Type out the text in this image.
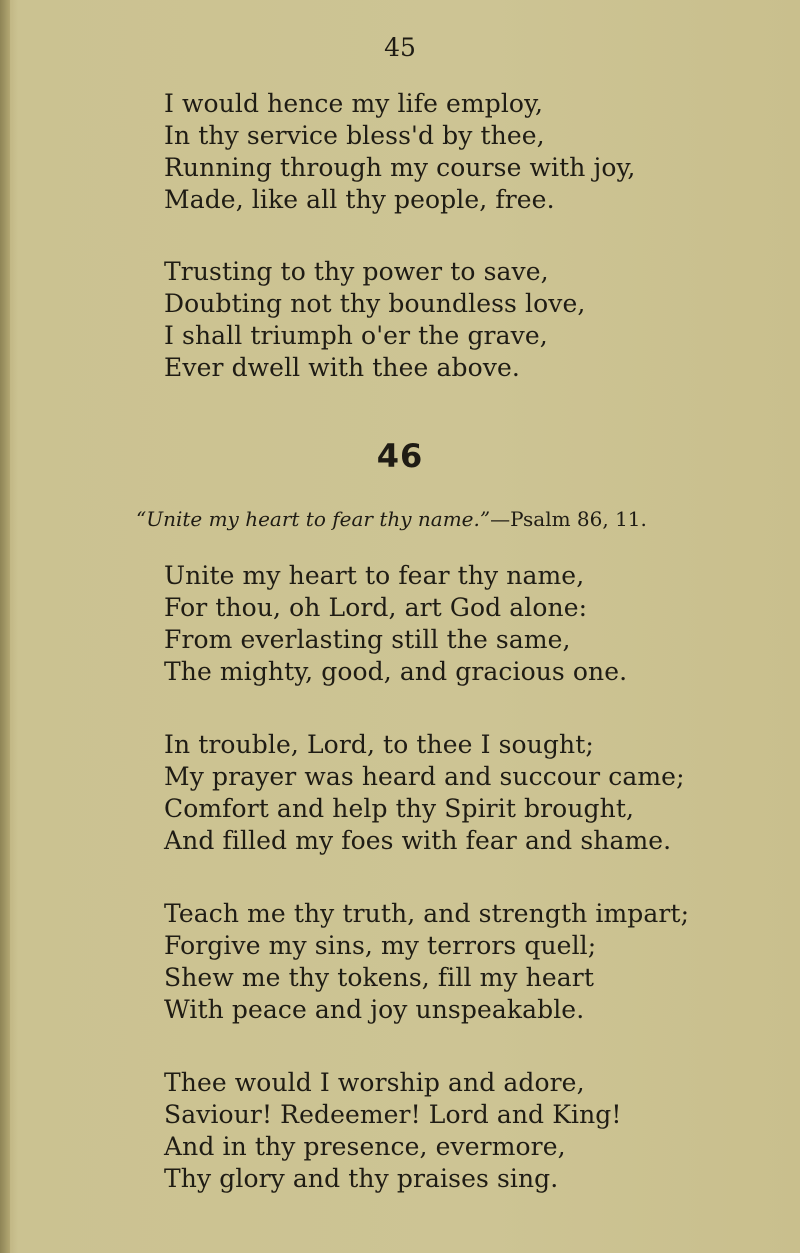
45
I would hence my life employ,
In thy service bless'd by thee,
Running through my course with joy,
Made, like all thy people, free.
Trusting to thy power to save,
Doubting not thy boundless love,
I shall triumph o'er the grave,
Ever dwell with thee above.
46
“Unite my heart to fear thy name.”—Psalm 86, 11.
Unite my heart to fear thy name,
For thou, oh Lord, art God alone:
From everlasting still the same,
The mighty, good, and gracious one.
In trouble, Lord, to thee I sought;
My prayer was heard and succour came;
Comfort and help thy Spirit brought,
And filled my foes with fear and shame.
Teach me thy truth, and strength impart;
Forgive my sins, my terrors quell;
Shew me thy tokens, fill my heart
With peace and joy unspeakable.
Thee would I worship and adore,
Saviour! Redeemer! Lord and King!
And in thy presence, evermore,
Thy glory and thy praises sing.
